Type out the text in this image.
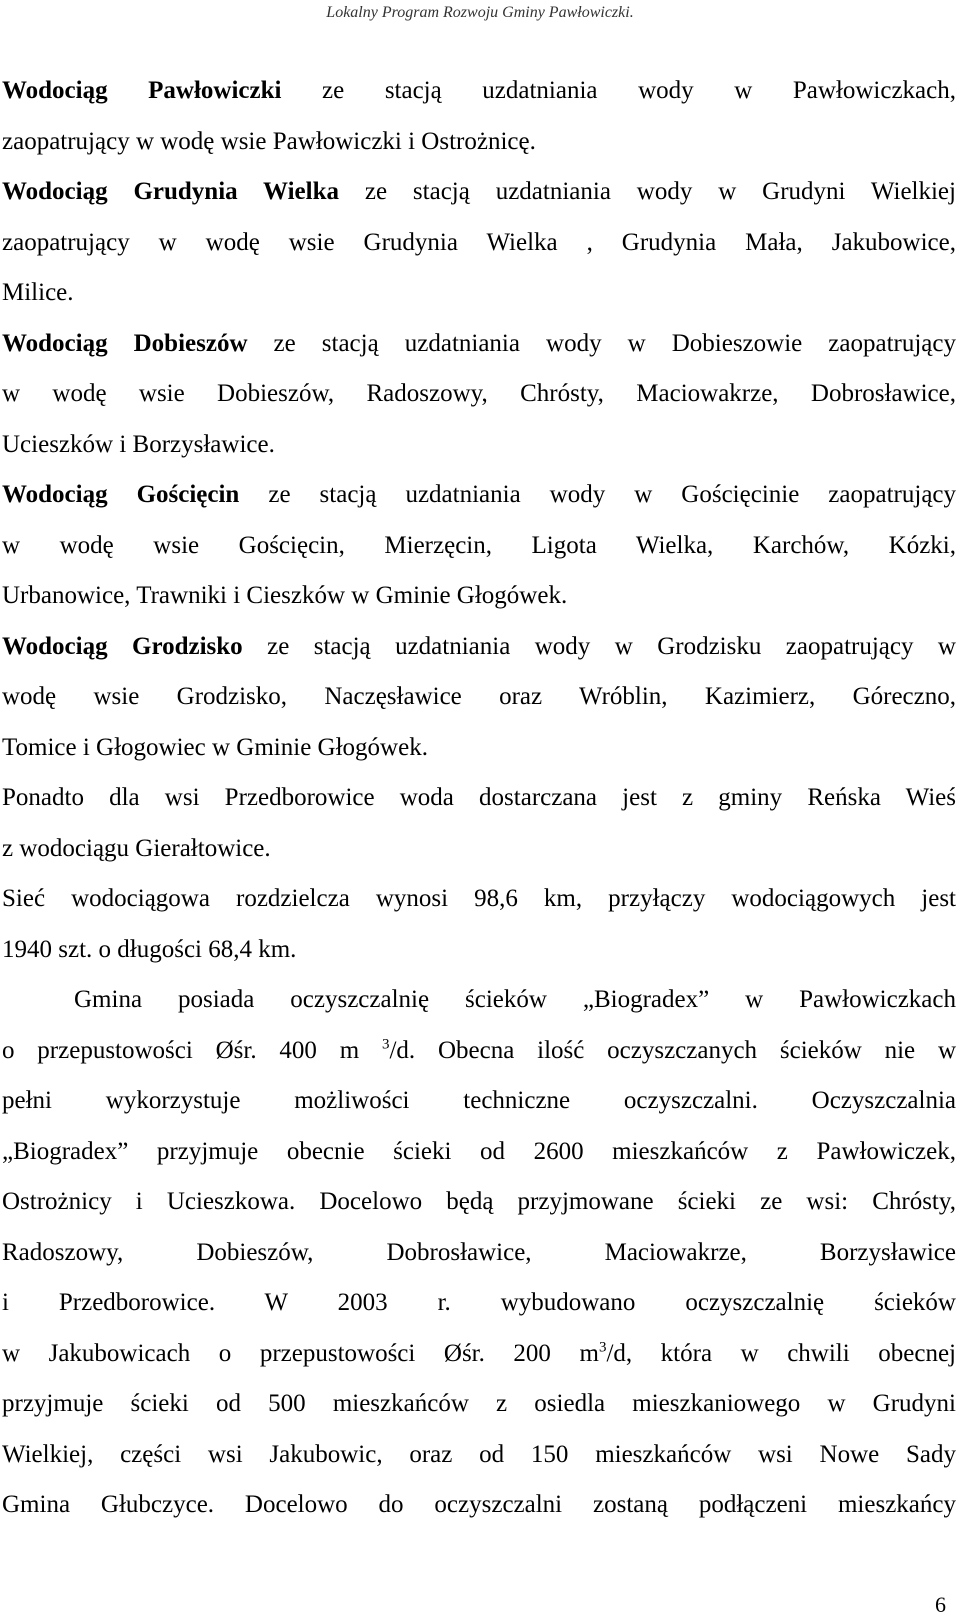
Lokalny Program Rozwoju Gminy Pawłowiczki.
Wodociąg Pawłowiczki ze stacją uzdatniania wody w Pawłowiczkach,
zaopatrujący w wodę wsie Pawłowiczki i Ostrożnicę.
Wodociąg Grudynia Wielka ze stacją uzdatniania wody w Grudyni Wielkiej
zaopatrujący w wodę wsie Grudynia Wielka , Grudynia Mała, Jakubowice,
Milice.
Wodociąg Dobieszów ze stacją uzdatniania wody w Dobieszowie zaopatrujący
w wodę wsie Dobieszów, Radoszowy, Chrósty, Maciowakrze, Dobrosławice,
Ucieszków i Borzysławice.
Wodociąg Gościęcin ze stacją uzdatniania wody w Gościęcinie zaopatrujący
w wodę wsie Gościęcin, Mierzęcin, Ligota Wielka, Karchów, Kózki,
Urbanowice, Trawniki i Cieszków w Gminie Głogówek.
Wodociąg Grodzisko ze stacją uzdatniania wody w Grodzisku zaopatrujący w
wodę wsie Grodzisko, Naczęsławice oraz Wróblin, Kazimierz, Góreczno,
Tomice i Głogowiec w Gminie Głogówek.
Ponadto dla wsi Przedborowice woda dostarczana jest z gminy Reńska Wieś
z wodociągu Gierałtowice.
Sieć wodociągowa rozdzielcza wynosi 98,6 km, przyłączy wodociągowych jest
1940 szt. o długości 68,4 km.
Gmina posiada oczyszczalnię ścieków „Biogradex” w Pawłowiczkach
o przepustowości Øśr. 400 m $^3$/d. Obecna ilość oczyszczanych ścieków nie w
pełni wykorzystuje możliwości techniczne oczyszczalni. Oczyszczalnia
„Biogradex” przyjmuje obecnie ścieki od 2600 mieszkańców z Pawłowiczek,
Ostrożnicy i Ucieszkowa. Docelowo będą przyjmowane ścieki ze wsi: Chrósty,
Radoszowy, Dobieszów, Dobrosławice, Maciowakrze, Borzysławice
i Przedborowice. W 2003 r. wybudowano oczyszczalnię ścieków
w Jakubowicach o przepustowości Øśr. 200 $m^3/d$, która w chwili obecnej
przyjmuje ścieki od 500 mieszkańców z osiedla mieszkaniowego w Grudyni
Wielkiej, części wsi Jakubowic, oraz od 150 mieszkańców wsi Nowe Sady
Gmina Głubczyce. Docelowo do oczyszczalni zostaną podłączeni mieszkańcy
6
